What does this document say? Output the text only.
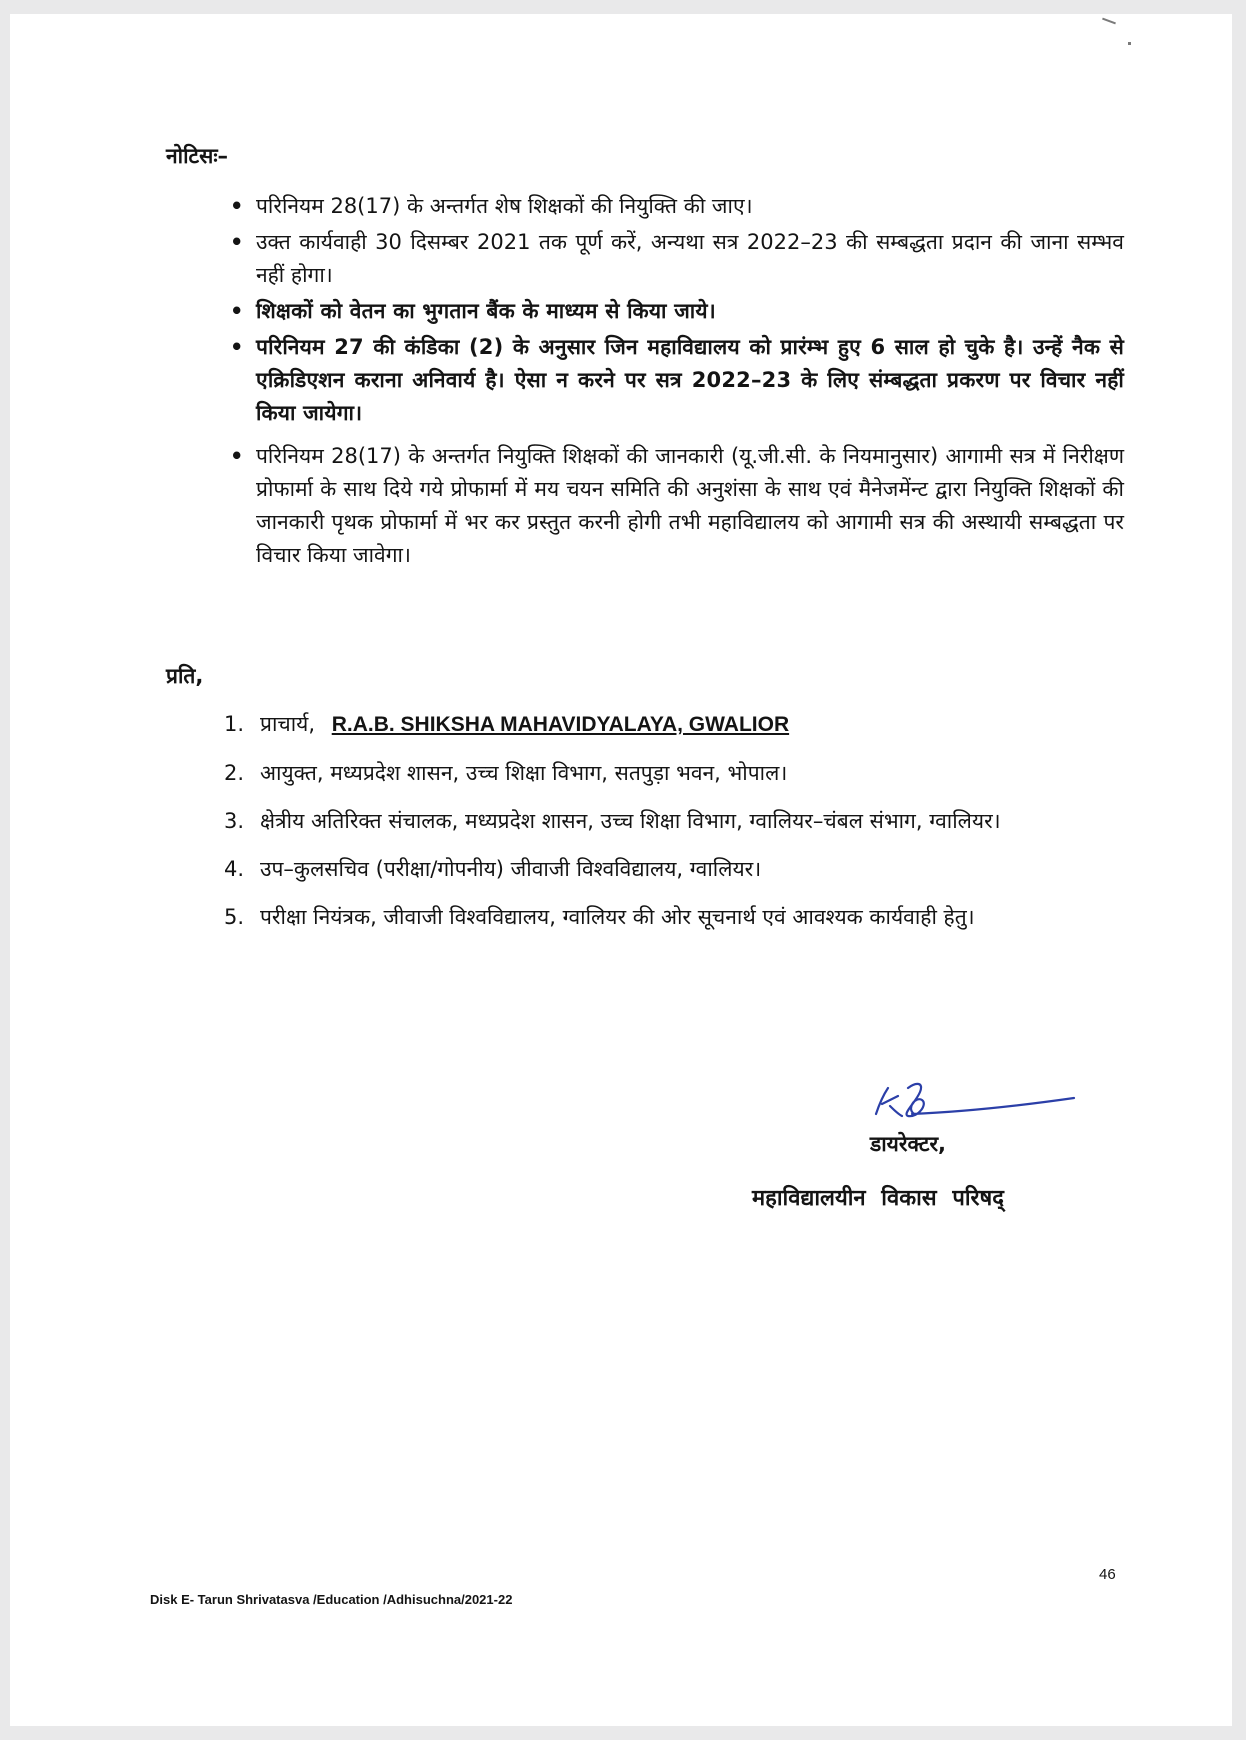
नोटिसः–
• परिनियम 28(17) के अन्तर्गत शेष शिक्षकों की नियुक्ति की जाए।
• उक्त कार्यवाही 30 दिसम्बर 2021 तक पूर्ण करें, अन्यथा सत्र 2022–23 की सम्बद्धता प्रदान की जाना सम्भव नहीं होगा।
• शिक्षकों को वेतन का भुगतान बैंक के माध्यम से किया जाये।
• परिनियम 27 की कंडिका (2) के अनुसार जिन महाविद्यालय को प्रारंम्भ हुए 6 साल हो चुके है। उन्हें नैक से एक्रिडिएशन कराना अनिवार्य है। ऐसा न करने पर सत्र 2022–23 के लिए संम्बद्धता प्रकरण पर विचार नहीं किया जायेगा।
• परिनियम 28(17) के अन्तर्गत नियुक्ति शिक्षकों की जानकारी (यू.जी.सी. के नियमानुसार) आगामी सत्र में निरीक्षण प्रोफार्मा के साथ दिये गये प्रोफार्मा में मय चयन समिति की अनुशंसा के साथ एवं मैनेजमेंन्ट द्वारा नियुक्ति शिक्षकों की जानकारी पृथक प्रोफार्मा में भर कर प्रस्तुत करनी होगी तभी महाविद्यालय को आगामी सत्र की अस्थायी सम्बद्धता पर विचार किया जावेगा।
प्रति,
1. प्राचार्य, R.A.B. SHIKSHA MAHAVIDYALAYA, GWALIOR
2. आयुक्त, मध्यप्रदेश शासन, उच्च शिक्षा विभाग, सतपुड़ा भवन, भोपाल।
3. क्षेत्रीय अतिरिक्त संचालक, मध्यप्रदेश शासन, उच्च शिक्षा विभाग, ग्वालियर–चंबल संभाग, ग्वालियर।
4. उप–कुलसचिव (परीक्षा/गोपनीय) जीवाजी विश्वविद्यालय, ग्वालियर।
5. परीक्षा नियंत्रक, जीवाजी विश्वविद्यालय, ग्वालियर की ओर सूचनार्थ एवं आवश्यक कार्यवाही हेतु।
डायरेक्टर,
महाविद्यालयीन विकास परिषद्
46
Disk E- Tarun Shrivatasva /Education /Adhisuchna/2021-22
